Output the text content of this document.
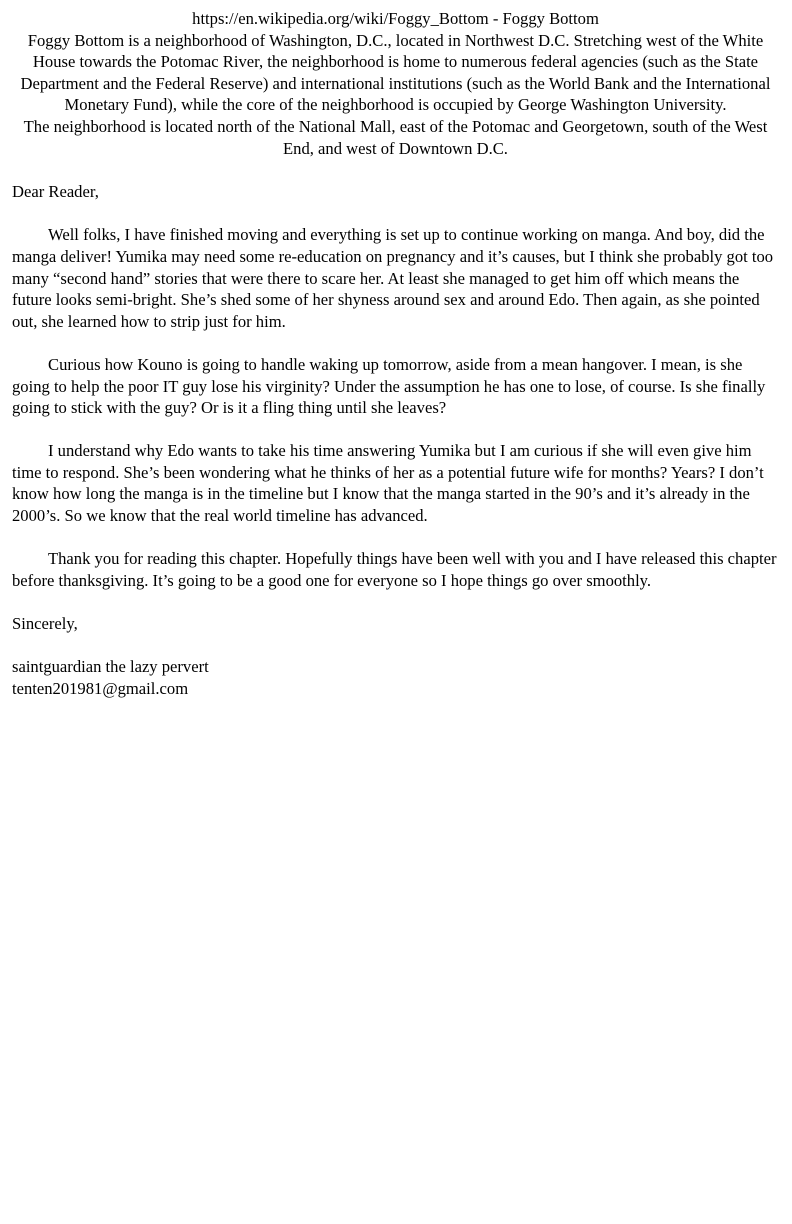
https://en.wikipedia.org/wiki/Foggy_Bottom - Foggy Bottom

Foggy Bottom is a neighborhood of Washington, D.C., located in Northwest D.C. Stretching west of the White House towards the Potomac River, the neighborhood is home to numerous federal agencies (such as the State Department and the Federal Reserve) and international institutions (such as the World Bank and the International Monetary Fund), while the core of the neighborhood is occupied by George Washington University.

The neighborhood is located north of the National Mall, east of the Potomac and Georgetown, south of the West End, and west of Downtown D.C.

Dear Reader,

Well folks, I have finished moving and everything is set up to continue working on manga. And boy, did the manga deliver! Yumika may need some re-education on pregnancy and it’s causes, but I think she probably got too many “second hand” stories that were there to scare her. At least she managed to get him off which means the future looks semi-bright. She’s shed some of her shyness around sex and around Edo. Then again, as she pointed out, she learned how to strip just for him.

Curious how Kouno is going to handle waking up tomorrow, aside from a mean hangover. I mean, is she going to help the poor IT guy lose his virginity? Under the assumption he has one to lose, of course. Is she finally going to stick with the guy? Or is it a fling thing until she leaves?

I understand why Edo wants to take his time answering Yumika but I am curious if she will even give him time to respond. She’s been wondering what he thinks of her as a potential future wife for months? Years? I don’t know how long the manga is in the timeline but I know that the manga started in the 90’s and it’s already in the 2000’s. So we know that the real world timeline has advanced.

Thank you for reading this chapter. Hopefully things have been well with you and I have released this chapter before thanksgiving. It’s going to be a good one for everyone so I hope things go over smoothly.

Sincerely,

saintguardian the lazy pervert

tenten201981@gmail.com
